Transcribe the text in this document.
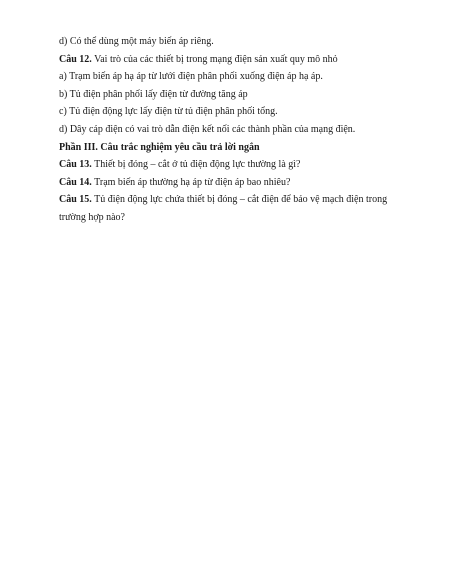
d) Có thể dùng một máy biến áp riêng.

Câu 12. Vai trò của các thiết bị trong mạng điện sản xuất quy mô nhỏ

a) Trạm biến áp hạ áp từ lưới điện phân phối xuống điện áp hạ áp.

b) Tủ điện phân phối lấy điện từ đường tăng áp

c) Tủ điện động lực lấy điện từ tủ điện phân phối tổng.

d) Dây cáp điện có vai trò dẫn điện kết nối các thành phần của mạng điện.

Phần III. Câu trắc nghiệm yêu cầu trả lời ngắn

Câu 13. Thiết bị đóng – cắt ở tủ điện động lực thường là gì?

Câu 14. Trạm biến áp thường hạ áp từ điện áp bao nhiêu?

Câu 15. Tủ điện động lực chứa thiết bị đóng – cắt điện để bảo vệ mạch điện trong trường hợp nào?
